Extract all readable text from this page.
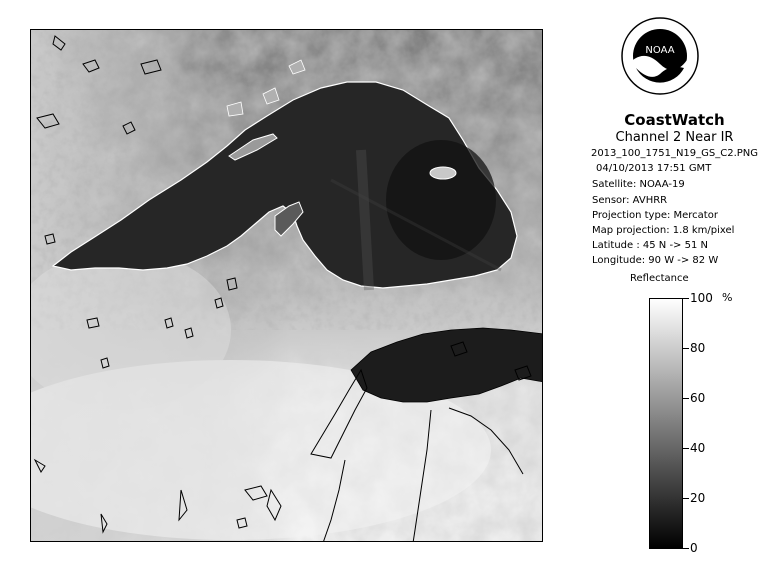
NOAA
CoastWatch
Channel 2 Near IR
2013_100_1751_N19_GS_C2.PNG
04/10/2013 17:51 GMT
Satellite: NOAA-19
Sensor: AVHRR
Projection type: Mercator
Map projection: 1.8 km/pixel
Latitude : 45 N -> 51 N
Longitude: 90 W -> 82 W
Reflectance
%
100
80
60
40
20
0
